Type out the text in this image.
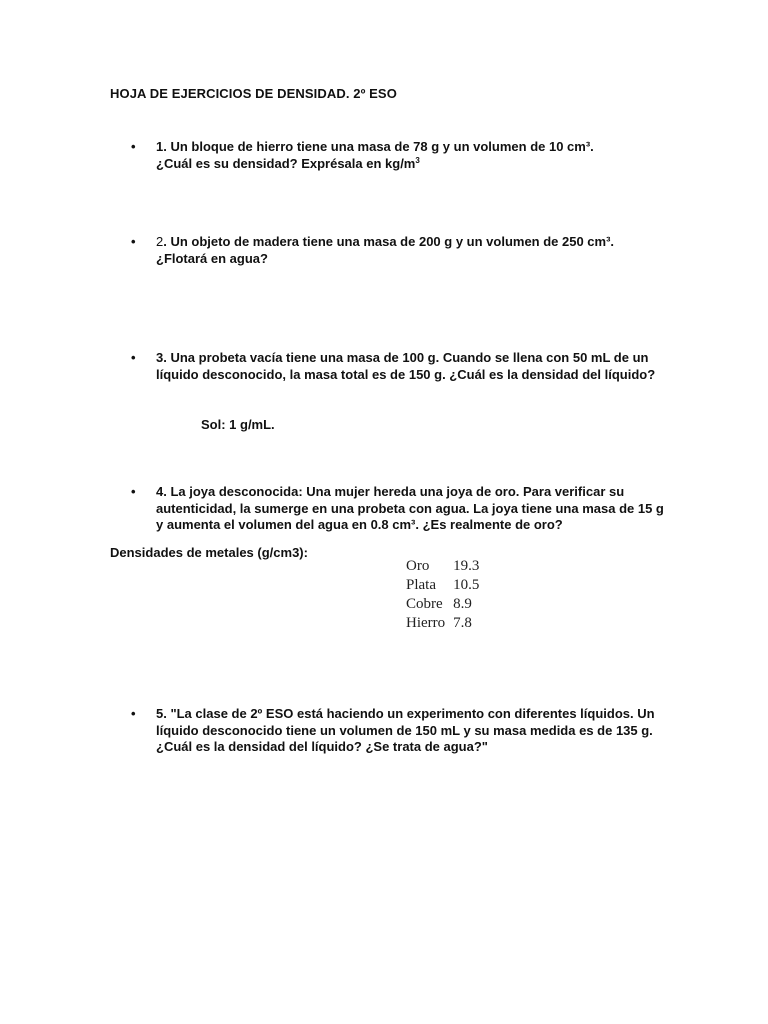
HOJA DE EJERCICIOS DE DENSIDAD. 2º ESO
• 1. Un bloque de hierro tiene una masa de 78 g y un volumen de 10 cm³.
¿Cuál es su densidad? Exprésala en $kg/m^3$
• 2. Un objeto de madera tiene una masa de 200 g y un volumen de 250 cm³.
¿Flotará en agua?
• 3. Una probeta vacía tiene una masa de 100 g. Cuando se llena con 50 mL de un líquido desconocido, la masa total es de 150 g. ¿Cuál es la densidad del líquido?
Sol: 1 g/mL.
• 4. La joya desconocida: Una mujer hereda una joya de oro. Para verificar su autenticidad, la sumerge en una probeta con agua. La joya tiene una masa de 15 g y aumenta el volumen del agua en 0.8 cm³. ¿Es realmente de oro?
Densidades de metales (g/cm3):
Oro	19.3
Plata	10.5
Cobre	8.9
Hierro	7.8
• 5. "La clase de 2º ESO está haciendo un experimento con diferentes líquidos. Un líquido desconocido tiene un volumen de 150 mL y su masa medida es de 135 g. ¿Cuál es la densidad del líquido? ¿Se trata de agua?"
